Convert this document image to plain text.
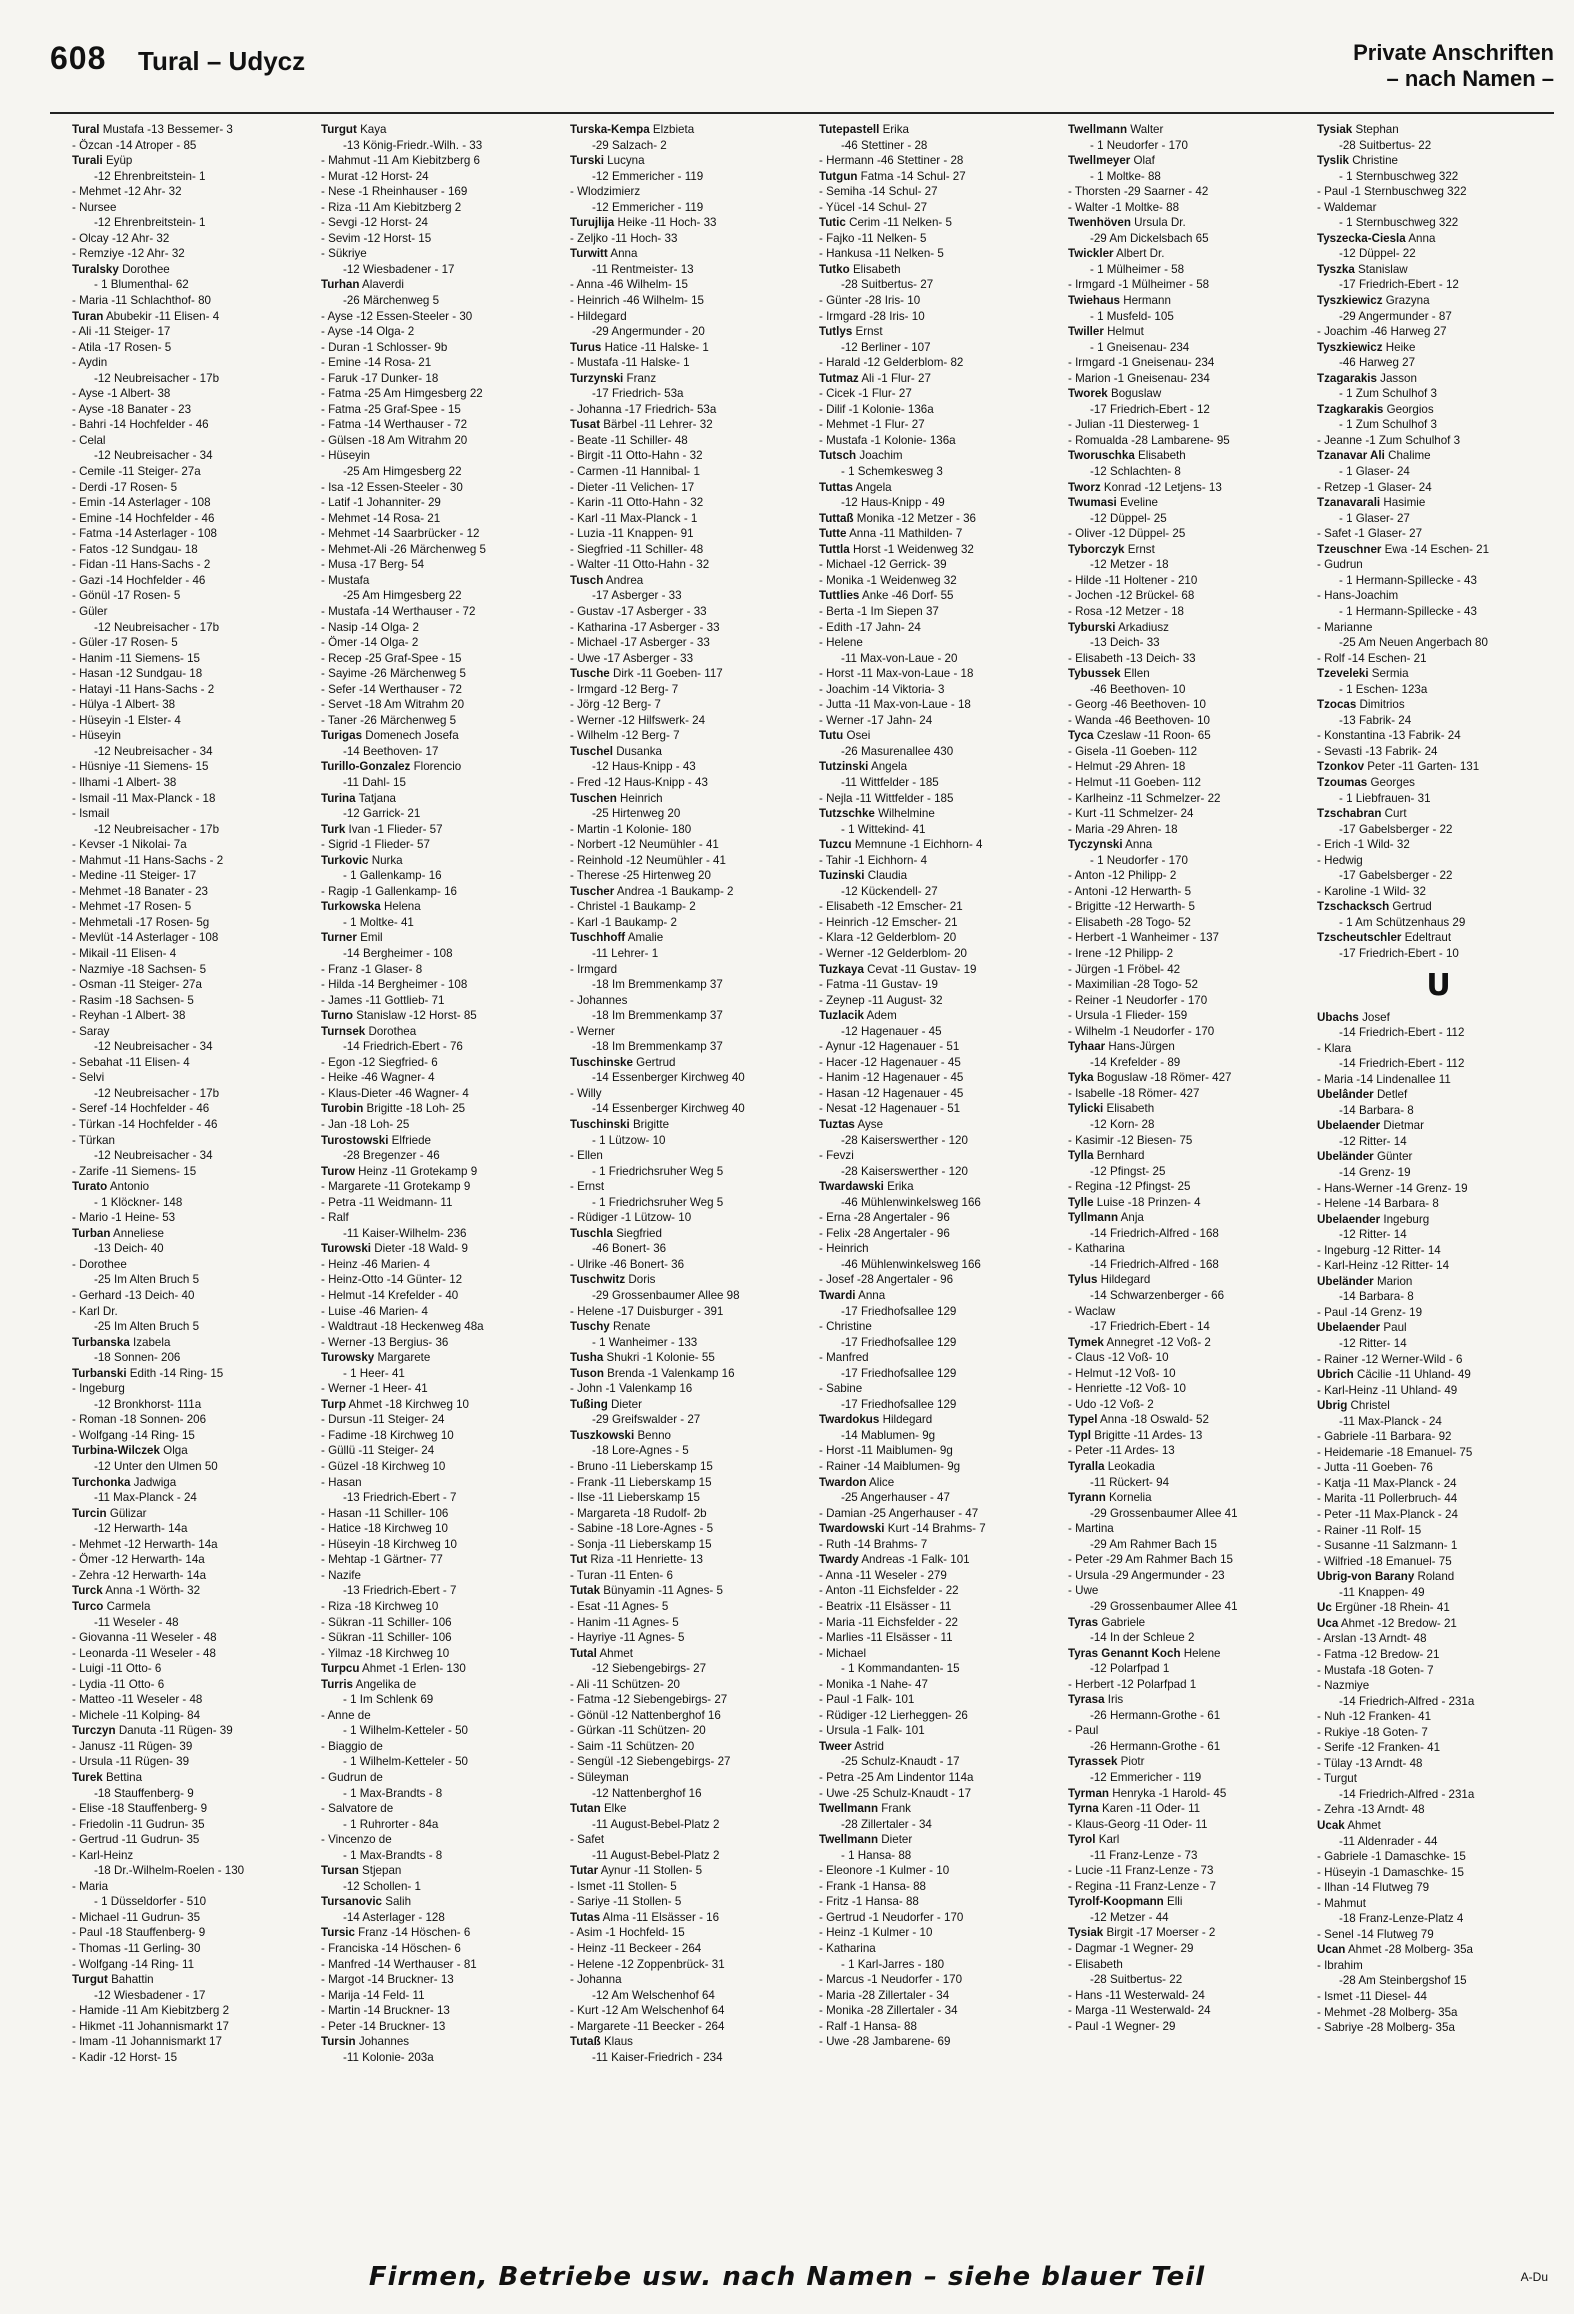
608 Tural – Udycz	Private Anschriften
– nach Namen –
Tural Mustafa -13 Bessemer- 3
- Özcan -14 Atroper - 85
Turali Eyüp
-12 Ehrenbreitstein- 1
- Mehmet -12 Ahr- 32
- Nursee
-12 Ehrenbreitstein- 1
- Olcay -12 Ahr- 32
- Remziye -12 Ahr- 32
Turalsky Dorothee
- 1 Blumenthal- 62
- Maria -11 Schlachthof- 80
Turan Abubekir -11 Elisen- 4
- Ali -11 Steiger- 17
- Atila -17 Rosen- 5
- Aydin
-12 Neubreisacher - 17b
- Ayse -1 Albert- 38
- Ayse -18 Banater - 23
- Bahri -14 Hochfelder - 46
- Celal
-12 Neubreisacher - 34
- Cemile -11 Steiger- 27a
- Derdi -17 Rosen- 5
- Emin -14 Asterlager - 108
- Emine -14 Hochfelder - 46
- Fatma -14 Asterlager - 108
- Fatos -12 Sundgau- 18
- Fidan -11 Hans-Sachs - 2
- Gazi -14 Hochfelder - 46
- Gönül -17 Rosen- 5
- Güler
-12 Neubreisacher - 17b
- Güler -17 Rosen- 5
- Hanim -11 Siemens- 15
- Hasan -12 Sundgau- 18
- Hatayi -11 Hans-Sachs - 2
- Hülya -1 Albert- 38
- Hüseyin -1 Elster- 4
- Hüseyin
-12 Neubreisacher - 34
- Hüsniye -11 Siemens- 15
- Ilhami -1 Albert- 38
- Ismail -11 Max-Planck - 18
- Ismail
-12 Neubreisacher - 17b
- Kevser -1 Nikolai- 7a
- Mahmut -11 Hans-Sachs - 2
- Medine -11 Steiger- 17
- Mehmet -18 Banater - 23
- Mehmet -17 Rosen- 5
- Mehmetali -17 Rosen- 5g
- Mevlüt -14 Asterlager - 108
- Mikail -11 Elisen- 4
- Nazmiye -18 Sachsen- 5
- Osman -11 Steiger- 27a
- Rasim -18 Sachsen- 5
- Reyhan -1 Albert- 38
- Saray
-12 Neubreisacher - 34
- Sebahat -11 Elisen- 4
- Selvi
-12 Neubreisacher - 17b
- Seref -14 Hochfelder - 46
- Türkan -14 Hochfelder - 46
- Türkan
-12 Neubreisacher - 34
- Zarife -11 Siemens- 15
Turato Antonio
- 1 Klöckner- 148
- Mario -1 Heine- 53
Turban Anneliese
-13 Deich- 40
- Dorothee
-25 Im Alten Bruch 5
- Gerhard -13 Deich- 40
- Karl Dr.
-25 Im Alten Bruch 5
Turbanska Izabela
-18 Sonnen- 206
Turbanski Edith -14 Ring- 15
- Ingeburg
-12 Bronkhorst- 111a
- Roman -18 Sonnen- 206
- Wolfgang -14 Ring- 15
Turbina-Wilczek Olga
-12 Unter den Ulmen 50
Turchonka Jadwiga
-11 Max-Planck - 24
Turcin Gülizar
-12 Herwarth- 14a
- Mehmet -12 Herwarth- 14a
- Ömer -12 Herwarth- 14a
- Zehra -12 Herwarth- 14a
Turck Anna -1 Wörth- 32
Turco Carmela
-11 Weseler - 48
- Giovanna -11 Weseler - 48
- Leonarda -11 Weseler - 48
- Luigi -11 Otto- 6
- Lydia -11 Otto- 6
- Matteo -11 Weseler - 48
- Michele -11 Kolping- 84
Turczyn Danuta -11 Rügen- 39
- Janusz -11 Rügen- 39
- Ursula -11 Rügen- 39
Turek Bettina
-18 Stauffenberg- 9
- Elise -18 Stauffenberg- 9
- Friedolin -11 Gudrun- 35
- Gertrud -11 Gudrun- 35
- Karl-Heinz
-18 Dr.-Wilhelm-Roelen - 130
- Maria
- 1 Düsseldorfer - 510
- Michael -11 Gudrun- 35
- Paul -18 Stauffenberg- 9
- Thomas -11 Gerling- 30
- Wolfgang -14 Ring- 11
Turgut Bahattin
-12 Wiesbadener - 17
- Hamide -11 Am Kiebitzberg 2
- Hikmet -11 Johannismarkt 17
- Imam -11 Johannismarkt 17
- Kadir -12 Horst- 15
Turgut Kaya
-13 König-Friedr.-Wilh. - 33
- Mahmut -11 Am Kiebitzberg 6
- Murat -12 Horst- 24
- Nese -1 Rheinhauser - 169
- Riza -11 Am Kiebitzberg 2
- Sevgi -12 Horst- 24
- Sevim -12 Horst- 15
- Sükriye
-12 Wiesbadener - 17
Turhan Alaverdi
-26 Märchenweg 5
- Ayse -12 Essen-Steeler - 30
- Ayse -14 Olga- 2
- Duran -1 Schlosser- 9b
- Emine -14 Rosa- 21
- Faruk -17 Dunker- 18
- Fatma -25 Am Himgesberg 22
- Fatma -25 Graf-Spee - 15
- Fatma -14 Werthauser - 72
- Gülsen -18 Am Witrahm 20
- Hüseyin
-25 Am Himgesberg 22
- Isa -12 Essen-Steeler - 30
- Latif -1 Johanniter- 29
- Mehmet -14 Rosa- 21
- Mehmet -14 Saarbrücker - 12
- Mehmet-Ali -26 Märchenweg 5
- Musa -17 Berg- 54
- Mustafa
-25 Am Himgesberg 22
- Mustafa -14 Werthauser - 72
- Nasip -14 Olga- 2
- Ömer -14 Olga- 2
- Recep -25 Graf-Spee - 15
- Sayime -26 Märchenweg 5
- Sefer -14 Werthauser - 72
- Servet -18 Am Witrahm 20
- Taner -26 Märchenweg 5
Turigas Domenech Josefa
-14 Beethoven- 17
Turillo-Gonzalez Florencio
-11 Dahl- 15
Turina Tatjana
-12 Garrick- 21
Turk Ivan -1 Flieder- 57
- Sigrid -1 Flieder- 57
Turkovic Nurka
- 1 Gallenkamp- 16
- Ragip -1 Gallenkamp- 16
Turkowska Helena
- 1 Moltke- 41
Turner Emil
-14 Bergheimer - 108
- Franz -1 Glaser- 8
- Hilda -14 Bergheimer - 108
- James -11 Gottlieb- 71
Turno Stanislaw -12 Horst- 85
Turnsek Dorothea
-14 Friedrich-Ebert - 76
- Egon -12 Siegfried- 6
- Heike -46 Wagner- 4
- Klaus-Dieter -46 Wagner- 4
Turobin Brigitte -18 Loh- 25
- Jan -18 Loh- 25
Turostowski Elfriede
-28 Bregenzer - 46
Turow Heinz -11 Grotekamp 9
- Margarete -11 Grotekamp 9
- Petra -11 Weidmann- 11
- Ralf
-11 Kaiser-Wilhelm- 236
Turowski Dieter -18 Wald- 9
- Heinz -46 Marien- 4
- Heinz-Otto -14 Günter- 12
- Helmut -14 Krefelder - 40
- Luise -46 Marien- 4
- Waldtraut -18 Heckenweg 48a
- Werner -13 Bergius- 36
Turowsky Margarete
- 1 Heer- 41
- Werner -1 Heer- 41
Turp Ahmet -18 Kirchweg 10
- Dursun -11 Steiger- 24
- Fadime -18 Kirchweg 10
- Güllü -11 Steiger- 24
- Güzel -18 Kirchweg 10
- Hasan
-13 Friedrich-Ebert - 7
- Hasan -11 Schiller- 106
- Hatice -18 Kirchweg 10
- Hüseyin -18 Kirchweg 10
- Mehtap -1 Gärtner- 77
- Nazife
-13 Friedrich-Ebert - 7
- Riza -18 Kirchweg 10
- Sükran -11 Schiller- 106
- Sükran -11 Schiller- 106
- Yilmaz -18 Kirchweg 10
Turpcu Ahmet -1 Erlen- 130
Turris Angelika de
- 1 Im Schlenk 69
- Anne de
- 1 Wilhelm-Ketteler - 50
- Biaggio de
- 1 Wilhelm-Ketteler - 50
- Gudrun de
- 1 Max-Brandts - 8
- Salvatore de
- 1 Ruhrorter - 84a
- Vincenzo de
- 1 Max-Brandts - 8
Tursan Stjepan
-12 Schollen- 1
Tursanovic Salih
-14 Asterlager - 128
Tursic Franz -14 Höschen- 6
- Franciska -14 Höschen- 6
- Manfred -14 Werthauser - 81
- Margot -14 Bruckner- 13
- Marija -14 Feld- 11
- Martin -14 Bruckner- 13
- Peter -14 Bruckner- 13
Tursin Johannes
-11 Kolonie- 203a
Turska-Kempa Elzbieta
-29 Salzach- 2
Turski Lucyna
-12 Emmericher - 119
- Wlodzimierz
-12 Emmericher - 119
Turujlija Heike -11 Hoch- 33
- Zeljko -11 Hoch- 33
Turwitt Anna
-11 Rentmeister- 13
- Anna -46 Wilhelm- 15
- Heinrich -46 Wilhelm- 15
- Hildegard
-29 Angermunder - 20
Turus Hatice -11 Halske- 1
- Mustafa -11 Halske- 1
Turzynski Franz
-17 Friedrich- 53a
- Johanna -17 Friedrich- 53a
Tusat Bärbel -11 Lehrer- 32
- Beate -11 Schiller- 48
- Birgit -11 Otto-Hahn - 32
- Carmen -11 Hannibal- 1
- Dieter -11 Velichen- 17
- Karin -11 Otto-Hahn - 32
- Karl -11 Max-Planck - 1
- Luzia -11 Knappen- 91
- Siegfried -11 Schiller- 48
- Walter -11 Otto-Hahn - 32
Tusch Andrea
-17 Asberger - 33
- Gustav -17 Asberger - 33
- Katharina -17 Asberger - 33
- Michael -17 Asberger - 33
- Uwe -17 Asberger - 33
Tusche Dirk -11 Goeben- 117
- Irmgard -12 Berg- 7
- Jörg -12 Berg- 7
- Werner -12 Hilfswerk- 24
- Wilhelm -12 Berg- 7
Tuschel Dusanka
-12 Haus-Knipp - 43
- Fred -12 Haus-Knipp - 43
Tuschen Heinrich
-25 Hirtenweg 20
- Martin -1 Kolonie- 180
- Norbert -12 Neumühler - 41
- Reinhold -12 Neumühler - 41
- Therese -25 Hirtenweg 20
Tuscher Andrea -1 Baukamp- 2
- Christel -1 Baukamp- 2
- Karl -1 Baukamp- 2
Tuschhoff Amalie
-11 Lehrer- 1
- Irmgard
-18 Im Bremmenkamp 37
- Johannes
-18 Im Bremmenkamp 37
- Werner
-18 Im Bremmenkamp 37
Tuschinske Gertrud
-14 Essenberger Kirchweg 40
- Willy
-14 Essenberger Kirchweg 40
Tuschinski Brigitte
- 1 Lützow- 10
- Ellen
- 1 Friedrichsruher Weg 5
- Ernst
- 1 Friedrichsruher Weg 5
- Rüdiger -1 Lützow- 10
Tuschla Siegfried
-46 Bonert- 36
- Ulrike -46 Bonert- 36
Tuschwitz Doris
-29 Grossenbaumer Allee 98
- Helene -17 Duisburger - 391
Tuschy Renate
- 1 Wanheimer - 133
Tusha Shukri -1 Kolonie- 55
Tuson Brenda -1 Valenkamp 16
- John -1 Valenkamp 16
Tußing Dieter
-29 Greifswalder - 27
Tuszkowski Benno
-18 Lore-Agnes - 5
- Bruno -11 Lieberskamp 15
- Frank -11 Lieberskamp 15
- Ilse -11 Lieberskamp 15
- Margareta -18 Rudolf- 2b
- Sabine -18 Lore-Agnes - 5
- Sonja -11 Lieberskamp 15
Tut Riza -11 Henriette- 13
- Turan -11 Enten- 6
Tutak Bünyamin -11 Agnes- 5
- Esat -11 Agnes- 5
- Hanim -11 Agnes- 5
- Hayriye -11 Agnes- 5
Tutal Ahmet
-12 Siebengebirgs- 27
- Ali -11 Schützen- 20
- Fatma -12 Siebengebirgs- 27
- Gönül -12 Nattenberghof 16
- Gürkan -11 Schützen- 20
- Saim -11 Schützen- 20
- Sengül -12 Siebengebirgs- 27
- Süleyman
-12 Nattenberghof 16
Tutan Elke
-11 August-Bebel-Platz 2
- Safet
-11 August-Bebel-Platz 2
Tutar Aynur -11 Stollen- 5
- Ismet -11 Stollen- 5
- Sariye -11 Stollen- 5
Tutas Alma -11 Elsässer - 16
- Asim -1 Hochfeld- 15
- Heinz -11 Beckeer - 264
- Helene -12 Zoppenbrück- 31
- Johanna
-12 Am Welschenhof 64
- Kurt -12 Am Welschenhof 64
- Margarete -11 Beecker - 264
Tutaß Klaus
-11 Kaiser-Friedrich - 234
Tutepastell Erika
-46 Stettiner - 28
- Hermann -46 Stettiner - 28
Tutgun Fatma -14 Schul- 27
- Semiha -14 Schul- 27
- Yücel -14 Schul- 27
Tutic Cerim -11 Nelken- 5
- Fajko -11 Nelken- 5
- Hankusa -11 Nelken- 5
Tutko Elisabeth
-28 Suitbertus- 27
- Günter -28 Iris- 10
- Irmgard -28 Iris- 10
Tutlys Ernst
-12 Berliner - 107
- Harald -12 Gelderblom- 82
Tutmaz Ali -1 Flur- 27
- Cicek -1 Flur- 27
- Dilif -1 Kolonie- 136a
- Mehmet -1 Flur- 27
- Mustafa -1 Kolonie- 136a
Tutsch Joachim
- 1 Schemkesweg 3
Tuttas Angela
-12 Haus-Knipp - 49
Tuttaß Monika -12 Metzer - 36
Tutte Anna -11 Mathilden- 7
Tuttla Horst -1 Weidenweg 32
- Michael -12 Gerrick- 39
- Monika -1 Weidenweg 32
Tuttlies Anke -46 Dorf- 55
- Berta -1 Im Siepen 37
- Edith -17 Jahn- 24
- Helene
-11 Max-von-Laue - 20
- Horst -11 Max-von-Laue - 18
- Joachim -14 Viktoria- 3
- Jutta -11 Max-von-Laue - 18
- Werner -17 Jahn- 24
Tutu Osei
-26 Masurenallee 430
Tutzinski Angela
-11 Wittfelder - 185
- Nejla -11 Wittfelder - 185
Tutzschke Wilhelmine
- 1 Wittekind- 41
Tuzcu Memnune -1 Eichhorn- 4
- Tahir -1 Eichhorn- 4
Tuzinski Claudia
-12 Kückendell- 27
- Elisabeth -12 Emscher- 21
- Heinrich -12 Emscher- 21
- Klara -12 Gelderblom- 20
- Werner -12 Gelderblom- 20
Tuzkaya Cevat -11 Gustav- 19
- Fatma -11 Gustav- 19
- Zeynep -11 August- 32
Tuzlacik Adem
-12 Hagenauer - 45
- Aynur -12 Hagenauer - 51
- Hacer -12 Hagenauer - 45
- Hanim -12 Hagenauer - 45
- Hasan -12 Hagenauer - 45
- Nesat -12 Hagenauer - 51
Tuztas Ayse
-28 Kaiserswerther - 120
- Fevzi
-28 Kaiserswerther - 120
Twardawski Erika
-46 Mühlenwinkelsweg 166
- Erna -28 Angertaler - 96
- Felix -28 Angertaler - 96
- Heinrich
-46 Mühlenwinkelsweg 166
- Josef -28 Angertaler - 96
Twardi Anna
-17 Friedhofsallee 129
- Christine
-17 Friedhofsallee 129
- Manfred
-17 Friedhofsallee 129
- Sabine
-17 Friedhofsallee 129
Twardokus Hildegard
-14 Mablumen- 9g
- Horst -11 Maiblumen- 9g
- Rainer -14 Maiblumen- 9g
Twardon Alice
-25 Angerhauser - 47
- Damian -25 Angerhauser - 47
Twardowski Kurt -14 Brahms- 7
- Ruth -14 Brahms- 7
Twardy Andreas -1 Falk- 101
- Anna -11 Weseler - 279
- Anton -11 Eichsfelder - 22
- Beatrix -11 Elsässer - 11
- Maria -11 Eichsfelder - 22
- Marlies -11 Elsässer - 11
- Michael
- 1 Kommandanten- 15
- Monika -1 Nahe- 47
- Paul -1 Falk- 101
- Rüdiger -12 Lierheggen- 26
- Ursula -1 Falk- 101
Tweer Astrid
-25 Schulz-Knaudt - 17
- Petra -25 Am Lindentor 114a
- Uwe -25 Schulz-Knaudt - 17
Twellmann Frank
-28 Zillertaler - 34
Twellmann Dieter
- 1 Hansa- 88
- Eleonore -1 Kulmer - 10
- Frank -1 Hansa- 88
- Fritz -1 Hansa- 88
- Gertrud -1 Neudorfer - 170
- Heinz -1 Kulmer - 10
- Katharina
- 1 Karl-Jarres - 180
- Marcus -1 Neudorfer - 170
- Maria -28 Zillertaler - 34
- Monika -28 Zillertaler - 34
- Ralf -1 Hansa- 88
- Uwe -28 Jambarene- 69
Twellmann Walter
- 1 Neudorfer - 170
Twellmeyer Olaf
- 1 Moltke- 88
- Thorsten -29 Saarner - 42
- Walter -1 Moltke- 88
Twenhöven Ursula Dr.
-29 Am Dickelsbach 65
Twickler Albert Dr.
- 1 Mülheimer - 58
- Irmgard -1 Mülheimer - 58
Twiehaus Hermann
- 1 Musfeld- 105
Twiller Helmut
- 1 Gneisenau- 234
- Irmgard -1 Gneisenau- 234
- Marion -1 Gneisenau- 234
Tworek Boguslaw
-17 Friedrich-Ebert - 12
- Julian -11 Diesterweg- 1
- Romualda -28 Lambarene- 95
Tworuschka Elisabeth
-12 Schlachten- 8
Tworz Konrad -12 Letjens- 13
Twumasi Eveline
-12 Düppel- 25
- Oliver -12 Düppel- 25
Tyborczyk Ernst
-12 Metzer - 18
- Hilde -11 Holtener - 210
- Jochen -12 Brückel- 68
- Rosa -12 Metzer - 18
Tyburski Arkadiusz
-13 Deich- 33
- Elisabeth -13 Deich- 33
Tybussek Ellen
-46 Beethoven- 10
- Georg -46 Beethoven- 10
- Wanda -46 Beethoven- 10
Tyca Czeslaw -11 Roon- 65
- Gisela -11 Goeben- 112
- Helmut -29 Ahren- 18
- Helmut -11 Goeben- 112
- Karlheinz -11 Schmelzer- 22
- Kurt -11 Schmelzer- 24
- Maria -29 Ahren- 18
Tyczynski Anna
- 1 Neudorfer - 170
- Anton -12 Philipp- 2
- Antoni -12 Herwarth- 5
- Brigitte -12 Herwarth- 5
- Elisabeth -28 Togo- 52
- Herbert -1 Wanheimer - 137
- Irene -12 Philipp- 2
- Jürgen -1 Fröbel- 42
- Maximilian -28 Togo- 52
- Reiner -1 Neudorfer - 170
- Ursula -1 Flieder- 159
- Wilhelm -1 Neudorfer - 170
Tyhaar Hans-Jürgen
-14 Krefelder - 89
Tyka Boguslaw -18 Römer- 427
- Isabelle -18 Römer- 427
Tylicki Elisabeth
-12 Korn- 28
- Kasimir -12 Biesen- 75
Tylla Bernhard
-12 Pfingst- 25
- Regina -12 Pfingst- 25
Tylle Luise -18 Prinzen- 4
Tyllmann Anja
-14 Friedrich-Alfred - 168
- Katharina
-14 Friedrich-Alfred - 168
Tylus Hildegard
-14 Schwarzenberger - 66
- Waclaw
-17 Friedrich-Ebert - 14
Tymek Annegret -12 Voß- 2
- Claus -12 Voß- 10
- Helmut -12 Voß- 10
- Henriette -12 Voß- 10
- Udo -12 Voß- 2
Typel Anna -18 Oswald- 52
Typl Brigitte -11 Ardes- 13
- Peter -11 Ardes- 13
Tyralla Leokadia
-11 Rückert- 94
Tyrann Kornelia
-29 Grossenbaumer Allee 41
- Martina
-29 Am Rahmer Bach 15
- Peter -29 Am Rahmer Bach 15
- Ursula -29 Angermunder - 23
- Uwe
-29 Grossenbaumer Allee 41
Tyras Gabriele
-14 In der Schleue 2
Tyras Genannt Koch Helene
-12 Polarfpad 1
- Herbert -12 Polarfpad 1
Tyrasa Iris
-26 Hermann-Grothe - 61
- Paul
-26 Hermann-Grothe - 61
Tyrassek Piotr
-12 Emmericher - 119
Tyrman Henryka -1 Harold- 45
Tyrna Karen -11 Oder- 11
- Klaus-Georg -11 Oder- 11
Tyrol Karl
-11 Franz-Lenze - 73
- Lucie -11 Franz-Lenze - 73
- Regina -11 Franz-Lenze - 7
Tyrolf-Koopmann Elli
-12 Metzer - 44
Tysiak Birgit -17 Moerser - 2
- Dagmar -1 Wegner- 29
- Elisabeth
-28 Suitbertus- 22
- Hans -11 Westerwald- 24
- Marga -11 Westerwald- 24
- Paul -1 Wegner- 29
Tysiak Stephan
-28 Suitbertus- 22
Tyslik Christine
- 1 Sternbuschweg 322
- Paul -1 Sternbuschweg 322
- Waldemar
- 1 Sternbuschweg 322
Tyszecka-Ciesla Anna
-12 Düppel- 22
Tyszka Stanislaw
-17 Friedrich-Ebert - 12
Tyszkiewicz Grazyna
-29 Angermunder - 87
- Joachim -46 Harweg 27
Tyszkiewicz Heike
-46 Harweg 27
Tzagarakis Jasson
- 1 Zum Schulhof 3
Tzagkarakis Georgios
- 1 Zum Schulhof 3
- Jeanne -1 Zum Schulhof 3
Tzanavar Ali Chalime
- 1 Glaser- 24
- Retzep -1 Glaser- 24
Tzanavarali Hasimie
- 1 Glaser- 27
- Safet -1 Glaser- 27
Tzeuschner Ewa -14 Eschen- 21
- Gudrun
- 1 Hermann-Spillecke - 43
- Hans-Joachim
- 1 Hermann-Spillecke - 43
- Marianne
-25 Am Neuen Angerbach 80
- Rolf -14 Eschen- 21
Tzeveleki Sermia
- 1 Eschen- 123a
Tzocas Dimitrios
-13 Fabrik- 24
- Konstantina -13 Fabrik- 24
- Sevasti -13 Fabrik- 24
Tzonkov Peter -11 Garten- 131
Tzoumas Georges
- 1 Liebfrauen- 31
Tzschabran Curt
-17 Gabelsberger - 22
- Erich -1 Wild- 32
- Hedwig
-17 Gabelsberger - 22
- Karoline -1 Wild- 32
Tzschacksch Gertrud
- 1 Am Schützenhaus 29
Tzscheutschler Edeltraut
-17 Friedrich-Ebert - 10
U
Ubachs Josef
-14 Friedrich-Ebert - 112
- Klara
-14 Friedrich-Ebert - 112
- Maria -14 Lindenallee 11
Ubelânder Detlef
-14 Barbara- 8
Ubelaender Dietmar
-12 Ritter- 14
Ubeländer Günter
-14 Grenz- 19
- Hans-Werner -14 Grenz- 19
- Helene -14 Barbara- 8
Ubelaender Ingeburg
-12 Ritter- 14
- Ingeburg -12 Ritter- 14
- Karl-Heinz -12 Ritter- 14
Ubeländer Marion
-14 Barbara- 8
- Paul -14 Grenz- 19
Ubelaender Paul
-12 Ritter- 14
- Rainer -12 Werner-Wild - 6
Ubrich Cäcilie -11 Uhland- 49
- Karl-Heinz -11 Uhland- 49
Ubrig Christel
-11 Max-Planck - 24
- Gabriele -11 Barbara- 92
- Heidemarie -18 Emanuel- 75
- Jutta -11 Goeben- 76
- Katja -11 Max-Planck - 24
- Marita -11 Pollerbruch- 44
- Peter -11 Max-Planck - 24
- Rainer -11 Rolf- 15
- Susanne -11 Salzmann- 1
- Wilfried -18 Emanuel- 75
Ubrig-von Barany Roland
-11 Knappen- 49
Uc Ergüner -18 Rhein- 41
Uca Ahmet -12 Bredow- 21
- Arslan -13 Arndt- 48
- Fatma -12 Bredow- 21
- Mustafa -18 Goten- 7
- Nazmiye
-14 Friedrich-Alfred - 231a
- Nuh -12 Franken- 41
- Rukiye -18 Goten- 7
- Serife -12 Franken- 41
- Tülay -13 Arndt- 48
- Turgut
-14 Friedrich-Alfred - 231a
- Zehra -13 Arndt- 48
Ucak Ahmet
-11 Aldenrader - 44
- Gabriele -1 Damaschke- 15
- Hüseyin -1 Damaschke- 15
- Ilhan -14 Flutweg 79
- Mahmut
-18 Franz-Lenze-Platz 4
- Senel -14 Flutweg 79
Ucan Ahmet -28 Molberg- 35a
- Ibrahim
-28 Am Steinbergshof 15
- Ismet -11 Diesel- 44
- Mehmet -28 Molberg- 35a
- Sabriye -28 Molberg- 35a
Firmen, Betriebe usw. nach Namen – siehe blauer Teil	A-Du
